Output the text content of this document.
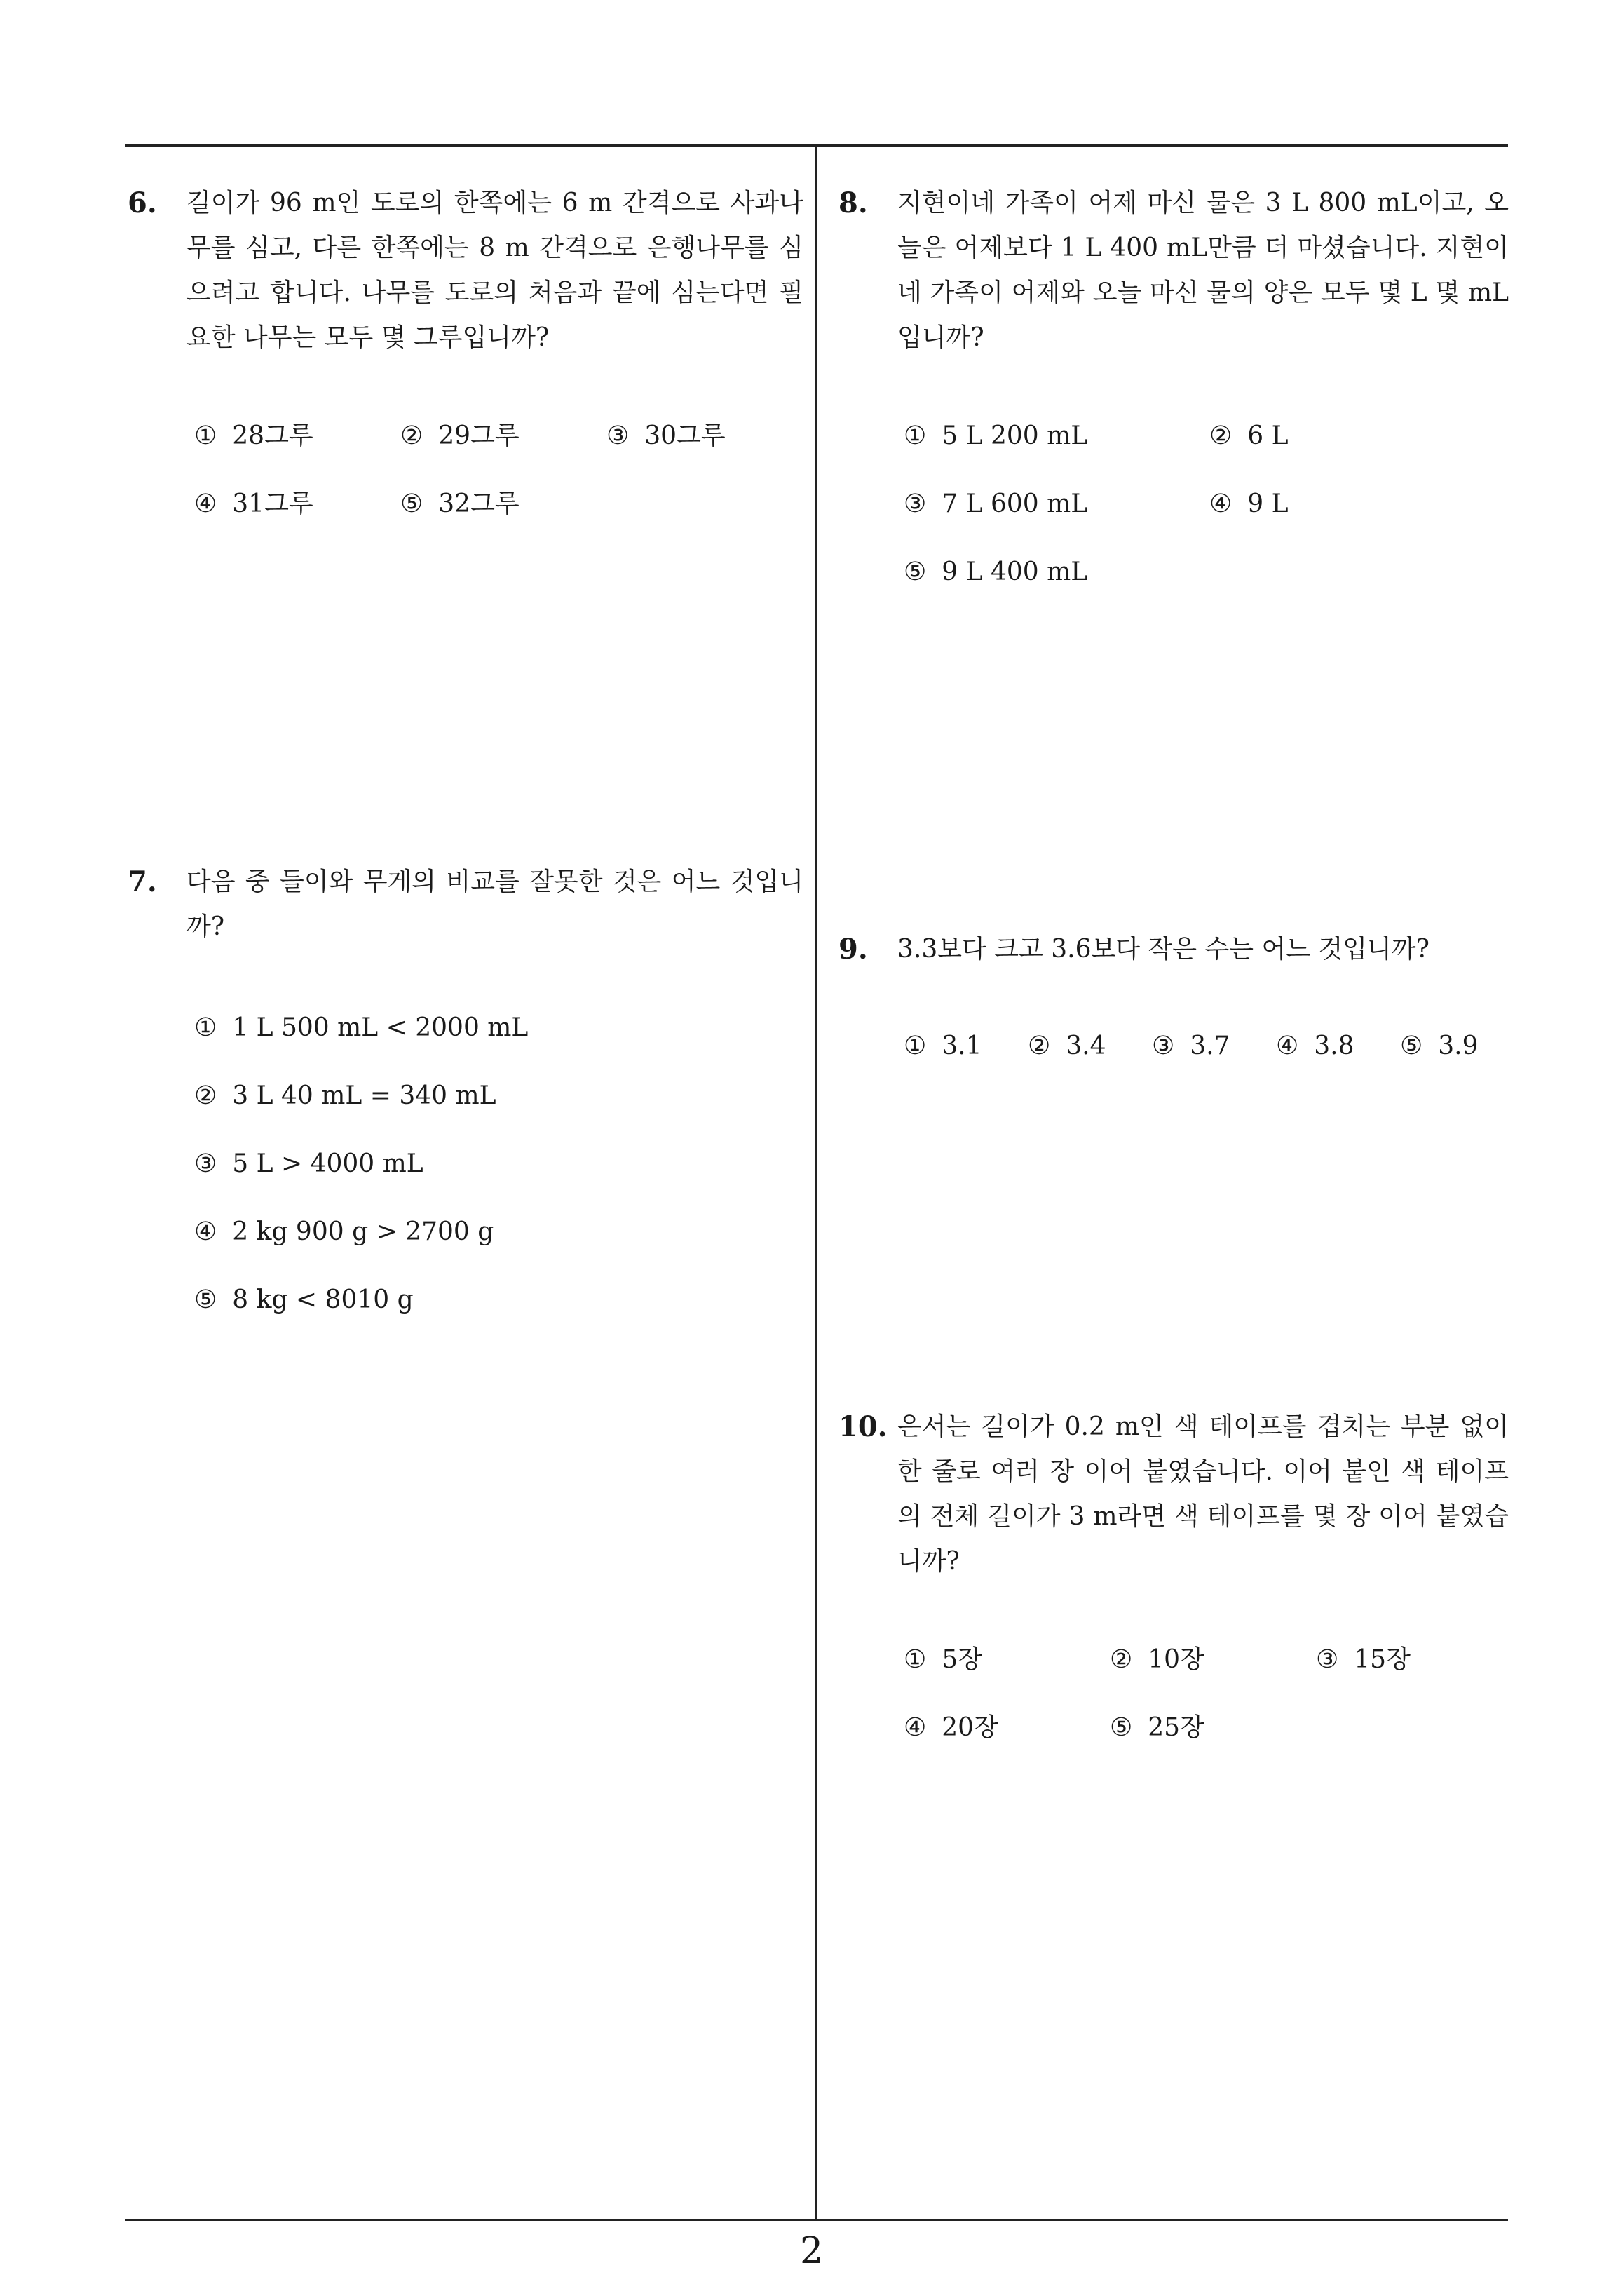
6. 길이가 96 m인 도로의 한쪽에는 6 m 간격으로 사과나무를 심고, 다른 한쪽에는 8 m 간격으로 은행나무를 심으려고 합니다. 나무를 도로의 처음과 끝에 심는다면 필요한 나무는 모두 몇 그루입니까?
① 28그루	② 29그루	③ 30그루
④ 31그루	⑤ 32그루
7. 다음 중 들이와 무게의 비교를 잘못한 것은 어느 것입니까?
① 1 L 500 mL < 2000 mL
② 3 L 40 mL = 340 mL
③ 5 L > 4000 mL
④ 2 kg 900 g > 2700 g
⑤ 8 kg < 8010 g
8. 지현이네 가족이 어제 마신 물은 3 L 800 mL이고, 오늘은 어제보다 1 L 400 mL만큼 더 마셨습니다. 지현이네 가족이 어제와 오늘 마신 물의 양은 모두 몇 L 몇 mL입니까?
① 5 L 200 mL	② 6 L
③ 7 L 600 mL	④ 9 L
⑤ 9 L 400 mL
9. 3.3보다 크고 3.6보다 작은 수는 어느 것입니까?
① 3.1 ② 3.4 ③ 3.7 ④ 3.8 ⑤ 3.9
10. 은서는 길이가 0.2 m인 색 테이프를 겹치는 부분 없이 한 줄로 여러 장 이어 붙였습니다. 이어 붙인 색 테이프의 전체 길이가 3 m라면 색 테이프를 몇 장 이어 붙였습니까?
① 5장	② 10장	③ 15장
④ 20장	⑤ 25장
2
